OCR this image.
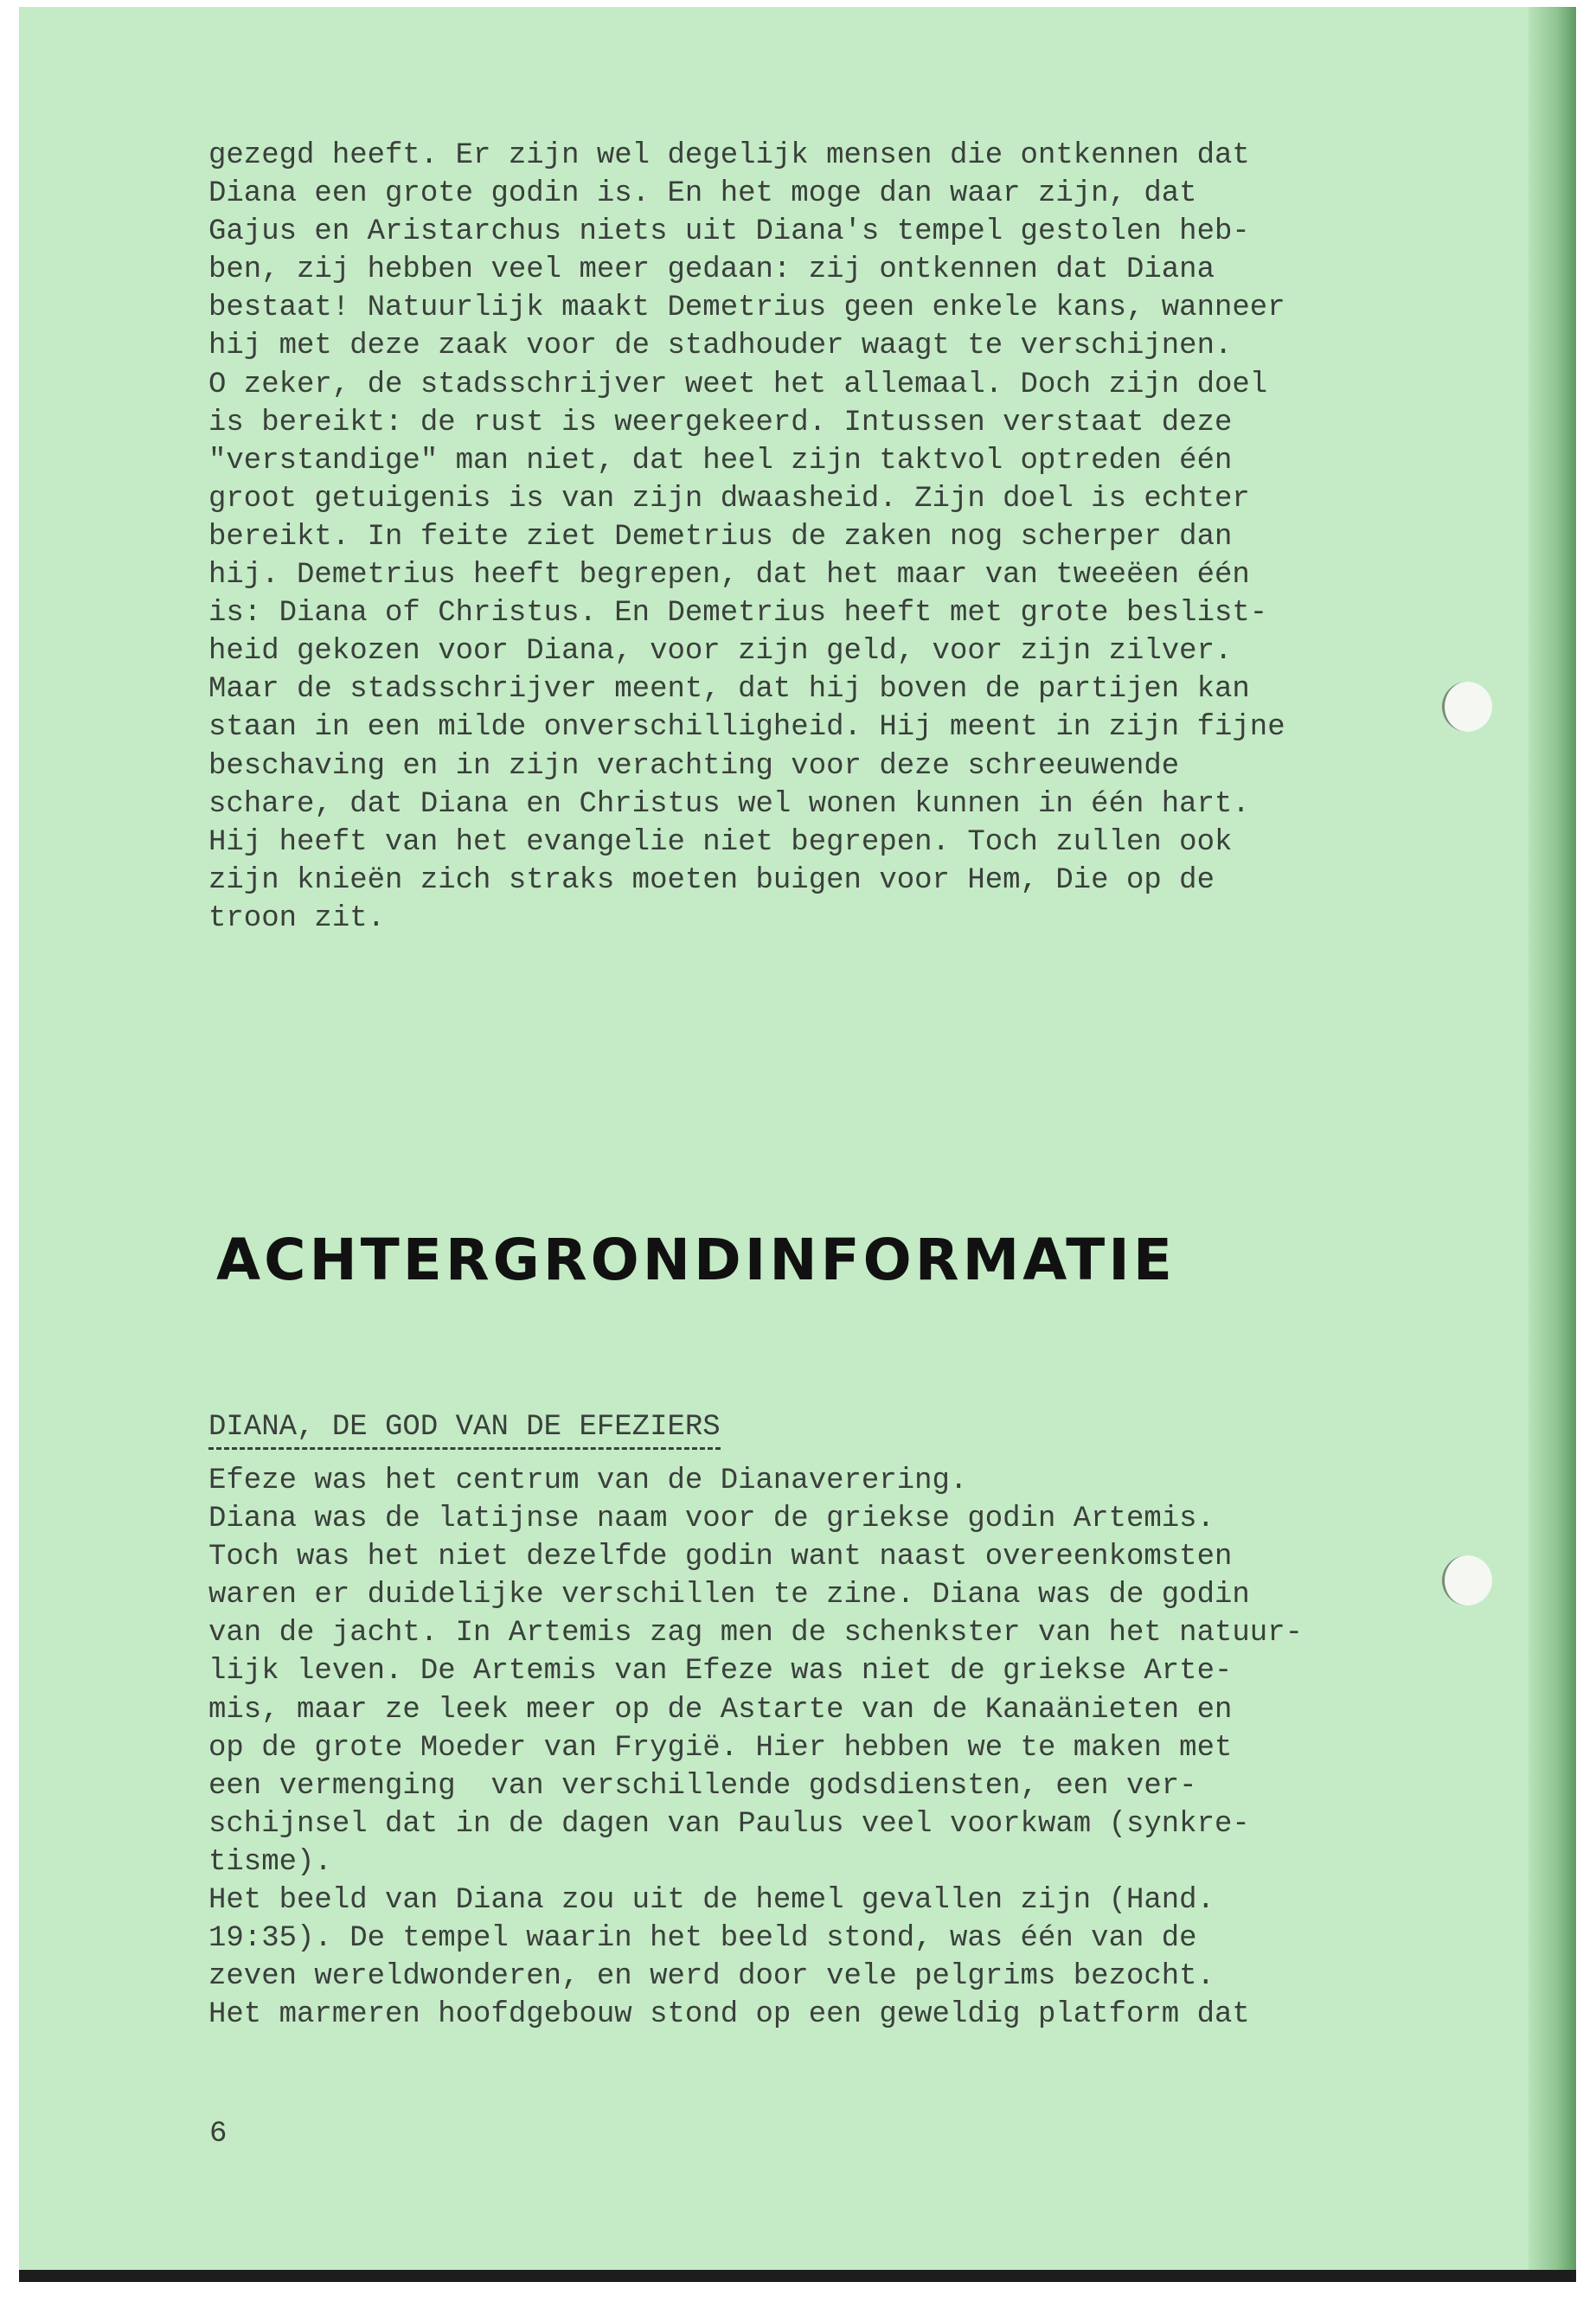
gezegd heeft. Er zijn wel degelijk mensen die ontkennen dat
Diana een grote godin is. En het moge dan waar zijn, dat
Gajus en Aristarchus niets uit Diana's tempel gestolen heb-
ben, zij hebben veel meer gedaan: zij ontkennen dat Diana
bestaat! Natuurlijk maakt Demetrius geen enkele kans, wanneer
hij met deze zaak voor de stadhouder waagt te verschijnen.
O zeker, de stadsschrijver weet het allemaal. Doch zijn doel
is bereikt: de rust is weergekeerd. Intussen verstaat deze
"verstandige" man niet, dat heel zijn taktvol optreden één
groot getuigenis is van zijn dwaasheid. Zijn doel is echter
bereikt. In feite ziet Demetrius de zaken nog scherper dan
hij. Demetrius heeft begrepen, dat het maar van tweeëen één
is: Diana of Christus. En Demetrius heeft met grote beslist-
heid gekozen voor Diana, voor zijn geld, voor zijn zilver.
Maar de stadsschrijver meent, dat hij boven de partijen kan
staan in een milde onverschilligheid. Hij meent in zijn fijne
beschaving en in zijn verachting voor deze schreeuwende
schare, dat Diana en Christus wel wonen kunnen in één hart.
Hij heeft van het evangelie niet begrepen. Toch zullen ook
zijn knieën zich straks moeten buigen voor Hem, Die op de
troon zit.

ACHTERGRONDINFORMATIE

DIANA, DE GOD VAN DE EFEZIERS

Efeze was het centrum van de Dianaverering.
Diana was de latijnse naam voor de griekse godin Artemis.
Toch was het niet dezelfde godin want naast overeenkomsten
waren er duidelijke verschillen te zine. Diana was de godin
van de jacht. In Artemis zag men de schenkster van het natuur-
lijk leven. De Artemis van Efeze was niet de griekse Arte-
mis, maar ze leek meer op de Astarte van de Kanaänieten en
op de grote Moeder van Frygië. Hier hebben we te maken met
een vermenging  van verschillende godsdiensten, een ver-
schijnsel dat in de dagen van Paulus veel voorkwam (synkre-
tisme).
Het beeld van Diana zou uit de hemel gevallen zijn (Hand.
19:35). De tempel waarin het beeld stond, was één van de
zeven wereldwonderen, en werd door vele pelgrims bezocht.
Het marmeren hoofdgebouw stond op een geweldig platform dat

6
